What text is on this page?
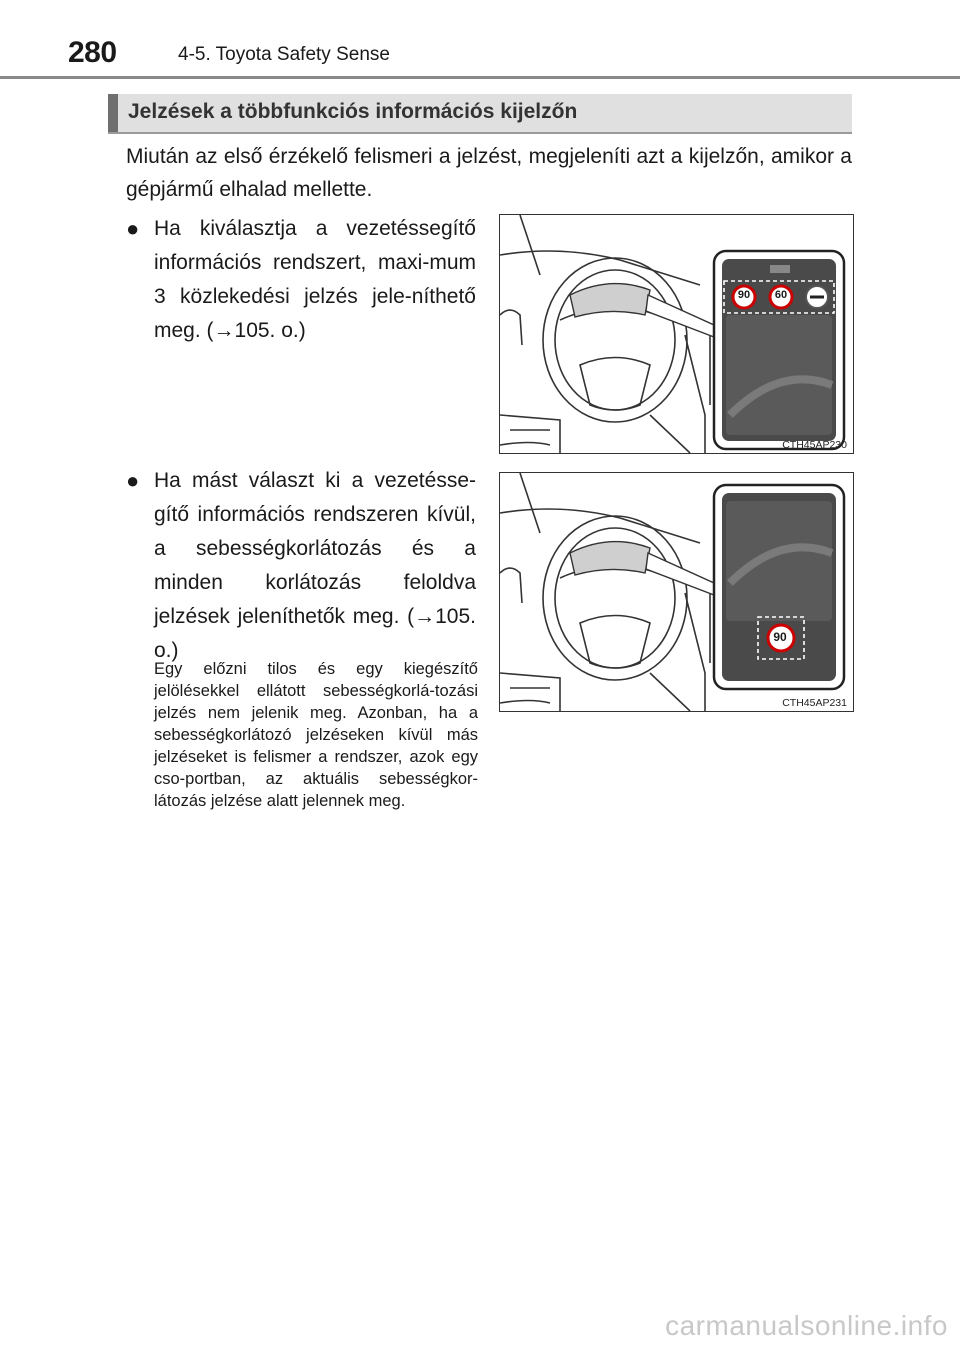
280	4-5. Toyota Safety Sense
Jelzések a többfunkciós információs kijelzőn
Miután az első érzékelő felismeri a jelzést, megjeleníti azt a kijelzőn, amikor a gépjármű elhalad mellette.
● Ha kiválasztja a vezetéssegítő információs rendszert, maxi-mum 3 közlekedési jelzés jele-níthető meg. (→105. o.)
● Ha mást választ ki a vezetésse-gítő információs rendszeren kívül, a sebességkorlátozás és a minden korlátozás feloldva jelzések jeleníthetők meg. (→105. o.)
Egy előzni tilos és egy kiegészítő jelölésekkel ellátott sebességkorlá-tozási jelzés nem jelenik meg. Azonban, ha a sebességkorlátozó jelzéseken kívül más jelzéseket is felismer a rendszer, azok egy cso-portban, az aktuális sebességkor-látozás jelzése alatt jelennek meg.
CTH45AP230
CTH45AP231
90 60
90
carmanualsonline.info
